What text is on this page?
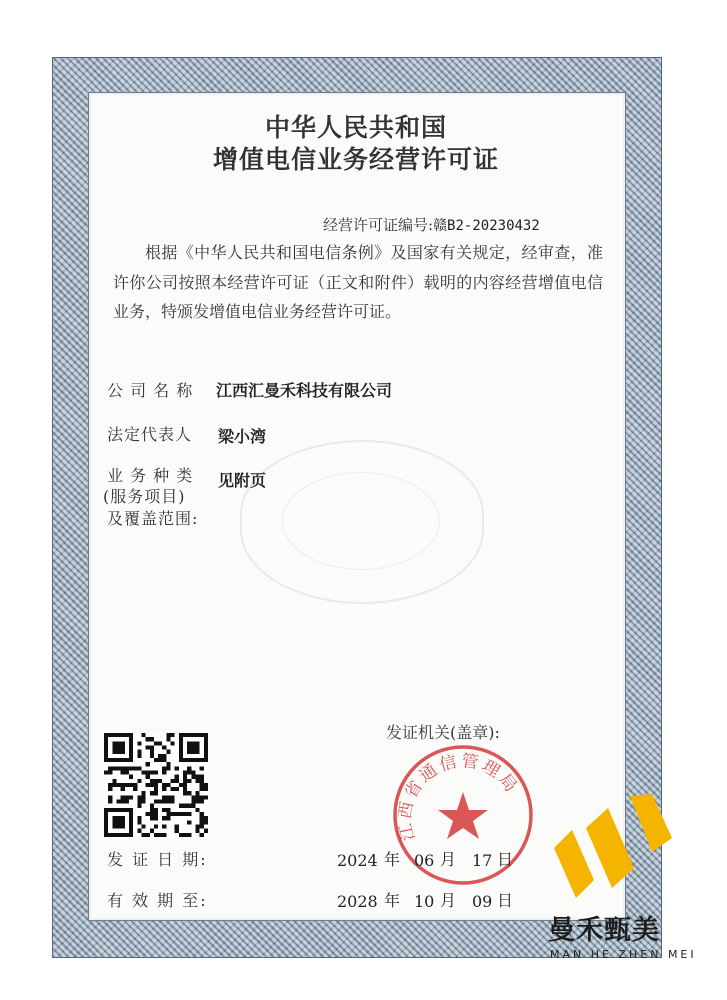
中华人民共和国
增值电信业务经营许可证
经营许可证编号:赣B2-20230432
根据《中华人民共和国电信条例》及国家有关规定，经审查，准许你公司按照本经营许可证（正文和附件）载明的内容经营增值电信业务，特颁发增值电信业务经营许可证。
公 司 名 称 江西汇曼禾科技有限公司
法定代表人 梁小湾
业 务 种 类
(服务项目)
及覆盖范围:
见附页
发证机关(盖章):
江西省通信管理局
发 证 日 期:	2024 年 06 月 17 日
有 效 期 至:	2028 年 10 月 09 日
曼禾甄美
MAN HE ZHEN MEI
